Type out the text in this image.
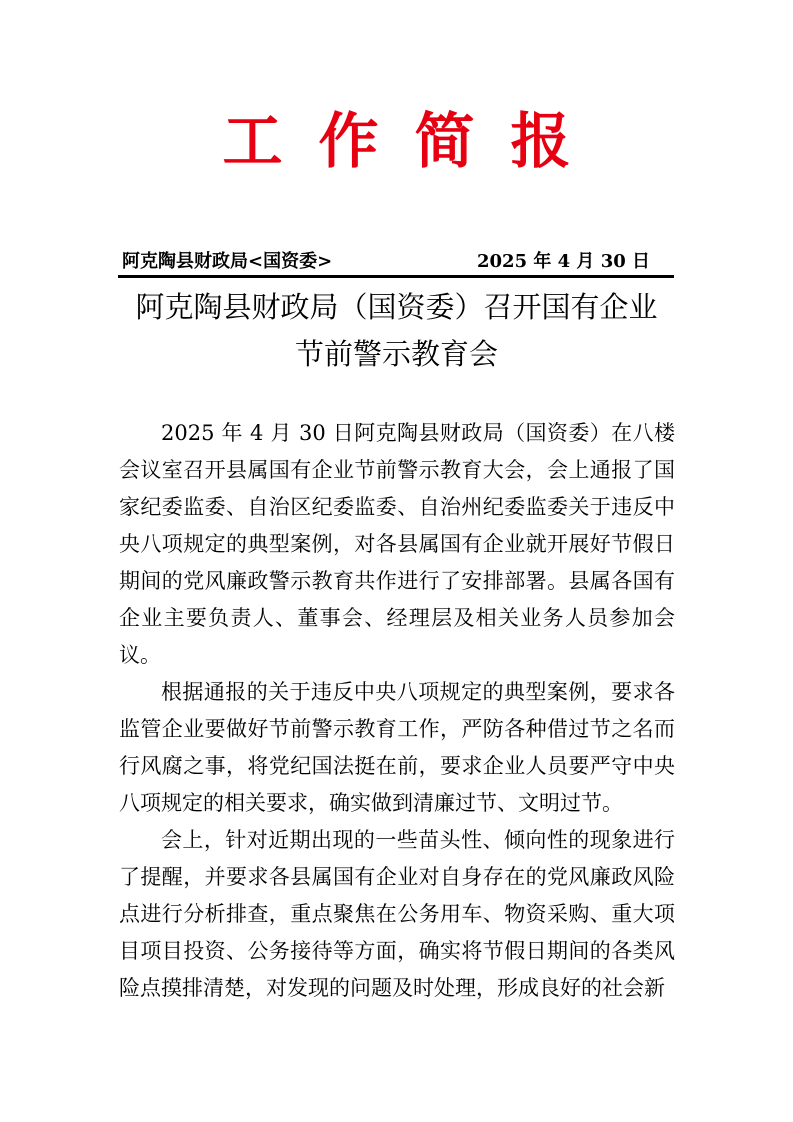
工作简报
阿克陶县财政局<国资委>	2025 年 4 月 30 日
阿克陶县财政局（国资委）召开国有企业
节前警示教育会

2025 年 4 月 30 日阿克陶县财政局（国资委）在八楼会议室召开县属国有企业节前警示教育大会，会上通报了国家纪委监委、自治区纪委监委、自治州纪委监委关于违反中央八项规定的典型案例，对各县属国有企业就开展好节假日期间的党风廉政警示教育共作进行了安排部署。县属各国有企业主要负责人、董事会、经理层及相关业务人员参加会议。

根据通报的关于违反中央八项规定的典型案例，要求各监管企业要做好节前警示教育工作，严防各种借过节之名而行风腐之事，将党纪国法挺在前，要求企业人员要严守中央八项规定的相关要求，确实做到清廉过节、文明过节。

会上，针对近期出现的一些苗头性、倾向性的现象进行了提醒，并要求各县属国有企业对自身存在的党风廉政风险点进行分析排查，重点聚焦在公务用车、物资采购、重大项目项目投资、公务接待等方面，确实将节假日期间的各类风险点摸排清楚，对发现的问题及时处理，形成良好的社会新
